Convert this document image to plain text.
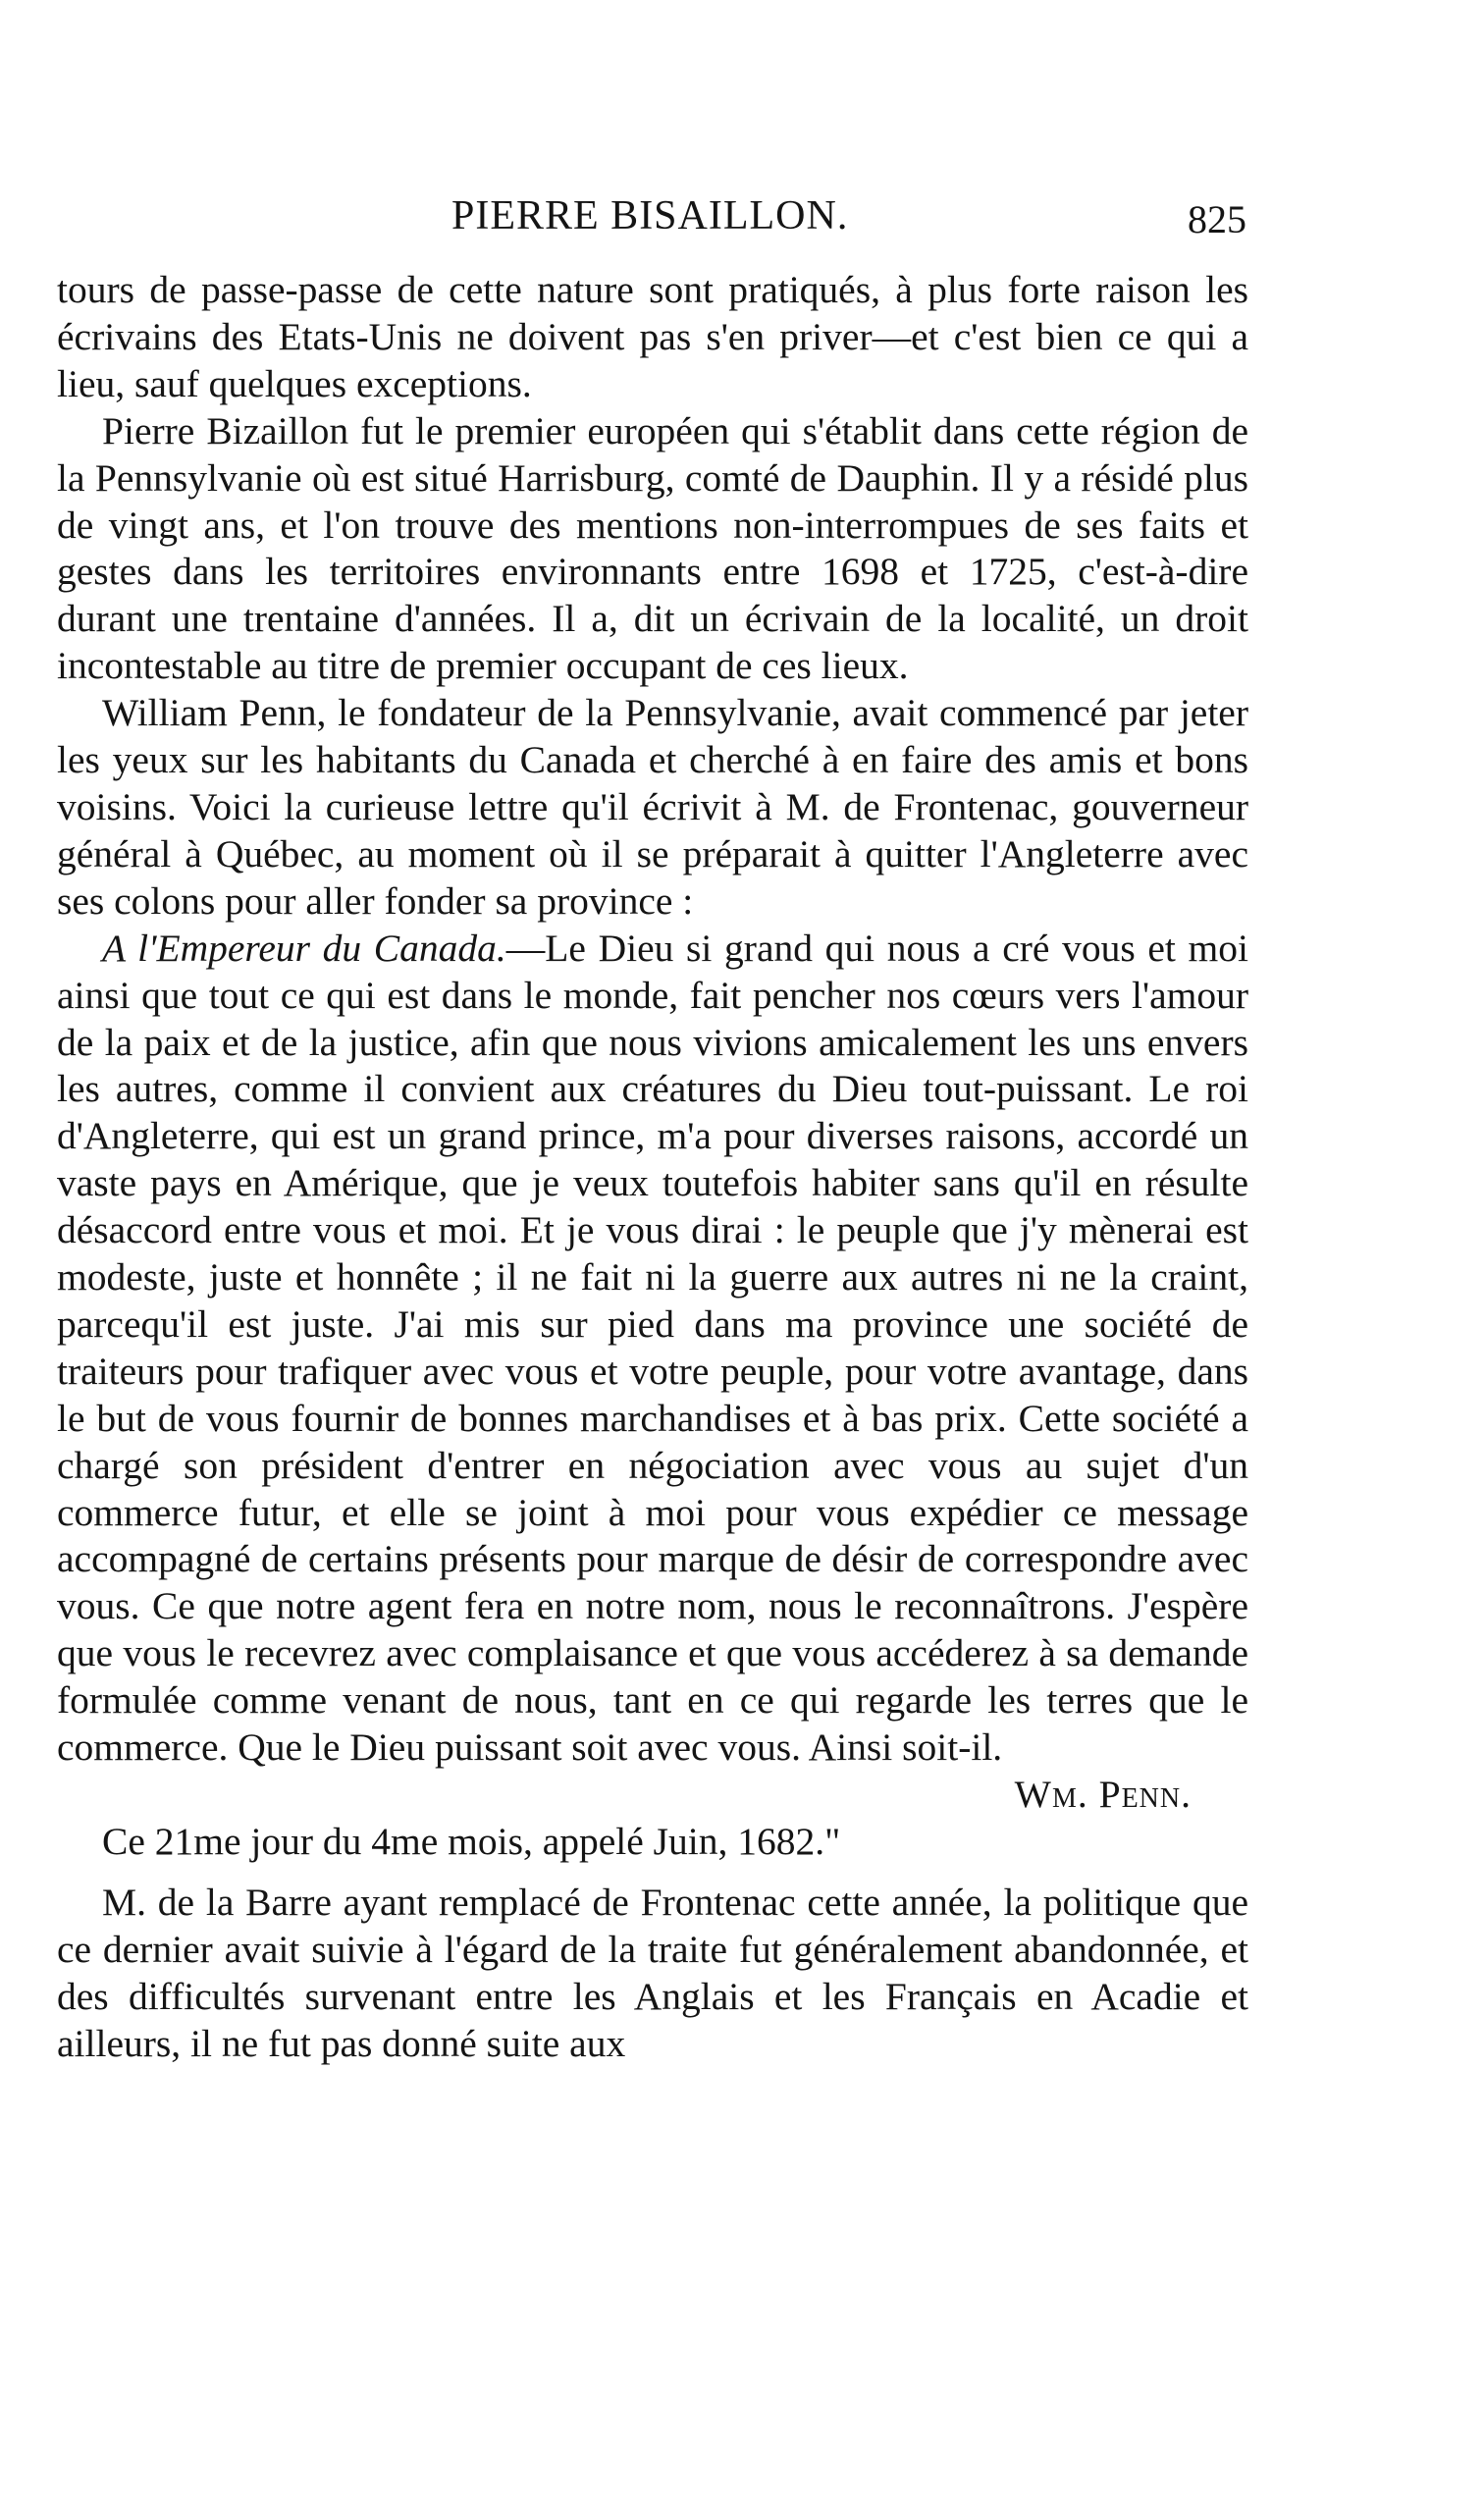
PIERRE BISAILLON.	825

tours de passe-passe de cette nature sont pratiqués, à plus forte raison les écrivains des Etats-Unis ne doivent pas s'en priver—et c'est bien ce qui a lieu, sauf quelques exceptions.

Pierre Bizaillon fut le premier européen qui s'établit dans cette région de la Pennsylvanie où est situé Harrisburg, comté de Dauphin. Il y a résidé plus de vingt ans, et l'on trouve des mentions non-interrompues de ses faits et gestes dans les territoires environnants entre 1698 et 1725, c'est-à-dire durant une trentaine d'années. Il a, dit un écrivain de la localité, un droit incontestable au titre de premier occupant de ces lieux.

William Penn, le fondateur de la Pennsylvanie, avait commencé par jeter les yeux sur les habitants du Canada et cherché à en faire des amis et bons voisins. Voici la curieuse lettre qu'il écrivit à M. de Frontenac, gouverneur général à Québec, au moment où il se préparait à quitter l'Angleterre avec ses colons pour aller fonder sa province :

A l'Empereur du Canada.—Le Dieu si grand qui nous a cré vous et moi ainsi que tout ce qui est dans le monde, fait pencher nos cœurs vers l'amour de la paix et de la justice, afin que nous vivions amicalement les uns envers les autres, comme il convient aux créatures du Dieu tout-puissant. Le roi d'Angleterre, qui est un grand prince, m'a pour diverses raisons, accordé un vaste pays en Amérique, que je veux toutefois habiter sans qu'il en résulte désaccord entre vous et moi. Et je vous dirai : le peuple que j'y mènerai est modeste, juste et honnête ; il ne fait ni la guerre aux autres ni ne la craint, parcequ'il est juste. J'ai mis sur pied dans ma province une société de traiteurs pour trafiquer avec vous et votre peuple, pour votre avantage, dans le but de vous fournir de bonnes marchandises et à bas prix. Cette société a chargé son président d'entrer en négociation avec vous au sujet d'un commerce futur, et elle se joint à moi pour vous expédier ce message accompagné de certains présents pour marque de désir de correspondre avec vous. Ce que notre agent fera en notre nom, nous le reconnaîtrons. J'espère que vous le recevrez avec complaisance et que vous accéderez à sa demande formulée comme venant de nous, tant en ce qui regarde les terres que le commerce. Que le Dieu puissant soit avec vous. Ainsi soit-il.

Wm. Penn.

Ce 21me jour du 4me mois, appelé Juin, 1682."

M. de la Barre ayant remplacé de Frontenac cette année, la politique que ce dernier avait suivie à l'égard de la traite fut généralement abandonnée, et des difficultés survenant entre les Anglais et les Français en Acadie et ailleurs, il ne fut pas donné suite aux
